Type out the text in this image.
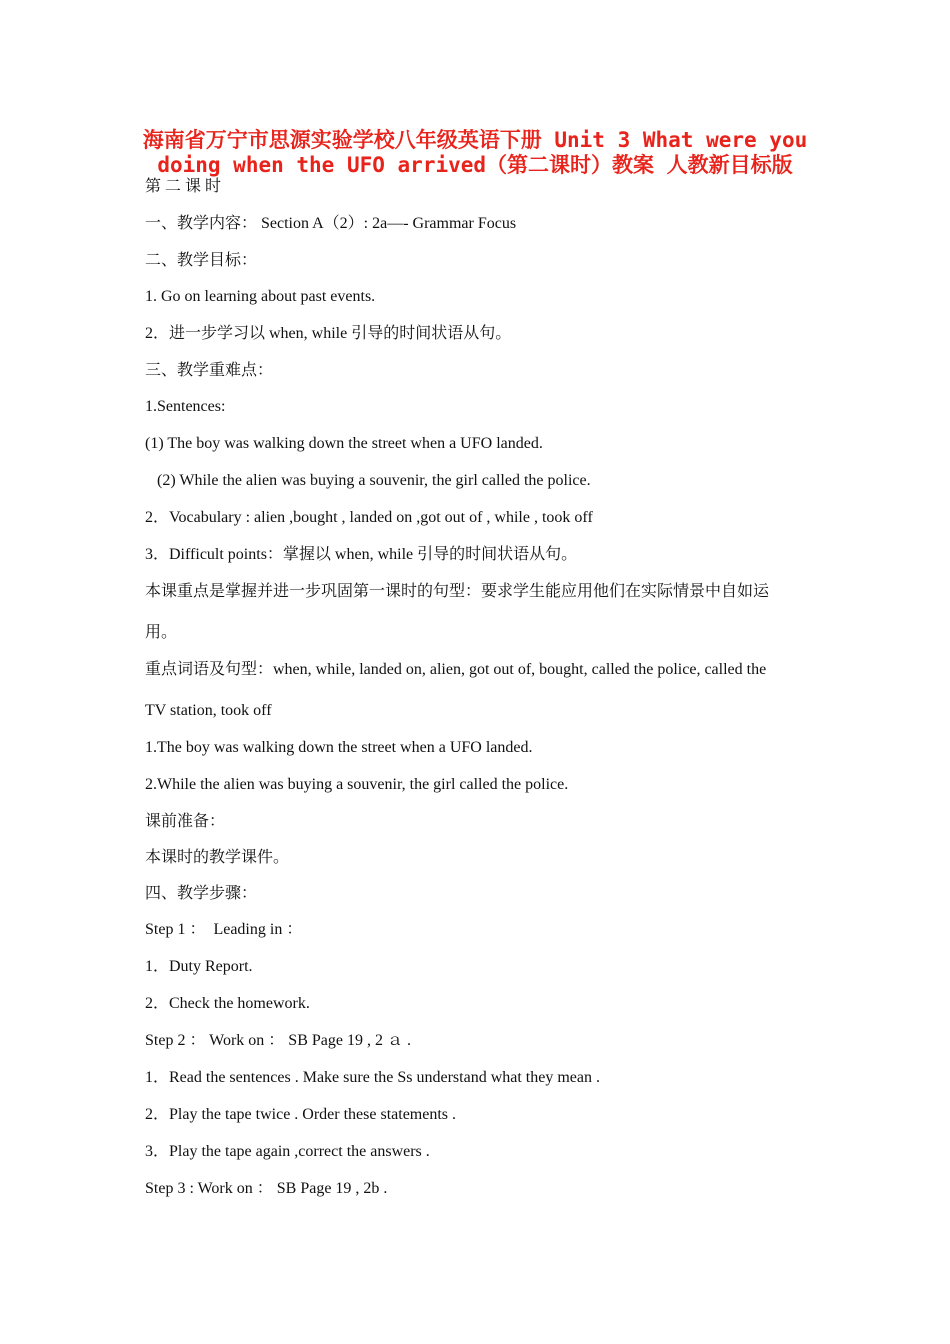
海南省万宁市思源实验学校八年级英语下册 Unit 3 What were you
doing when the UFO arrived（第二课时）教案 人教新目标版
第二课时
一、教学内容： Section A（2）: 2a—- Grammar Focus
二、教学目标：
1. Go on learning about past events.
2．进一步学习以 when, while 引导的时间状语从句。
三、教学重难点：
1.Sentences:
(1) The boy was walking down the street when a UFO landed.
(2) While the alien was buying a souvenir, the girl called the police.
2．Vocabulary : alien ,bought , landed on ,got out of , while , took off
3．Difficult points：掌握以 when, while 引导的时间状语从句。
本课重点是掌握并进一步巩固第一课时的句型：要求学生能应用他们在实际情景中自如运
用。
重点词语及句型：when, while, landed on, alien, got out of, bought, called the police, called the
TV station, took off
1.The boy was walking down the street when a UFO landed.
2.While the alien was buying a souvenir, the girl called the police.
课前准备：
本课时的教学课件。
四、教学步骤：
Step 1 ：  Leading in ：
1．Duty Report.
2．Check the homework.
Step 2 ： Work on ： SB Page 19 , 2 ａ .
1．Read the sentences . Make sure the Ss understand what they mean .
2．Play the tape twice . Order these statements .
3．Play the tape again ,correct the answers .
Step 3 : Work on ： SB Page 19 , 2b .
